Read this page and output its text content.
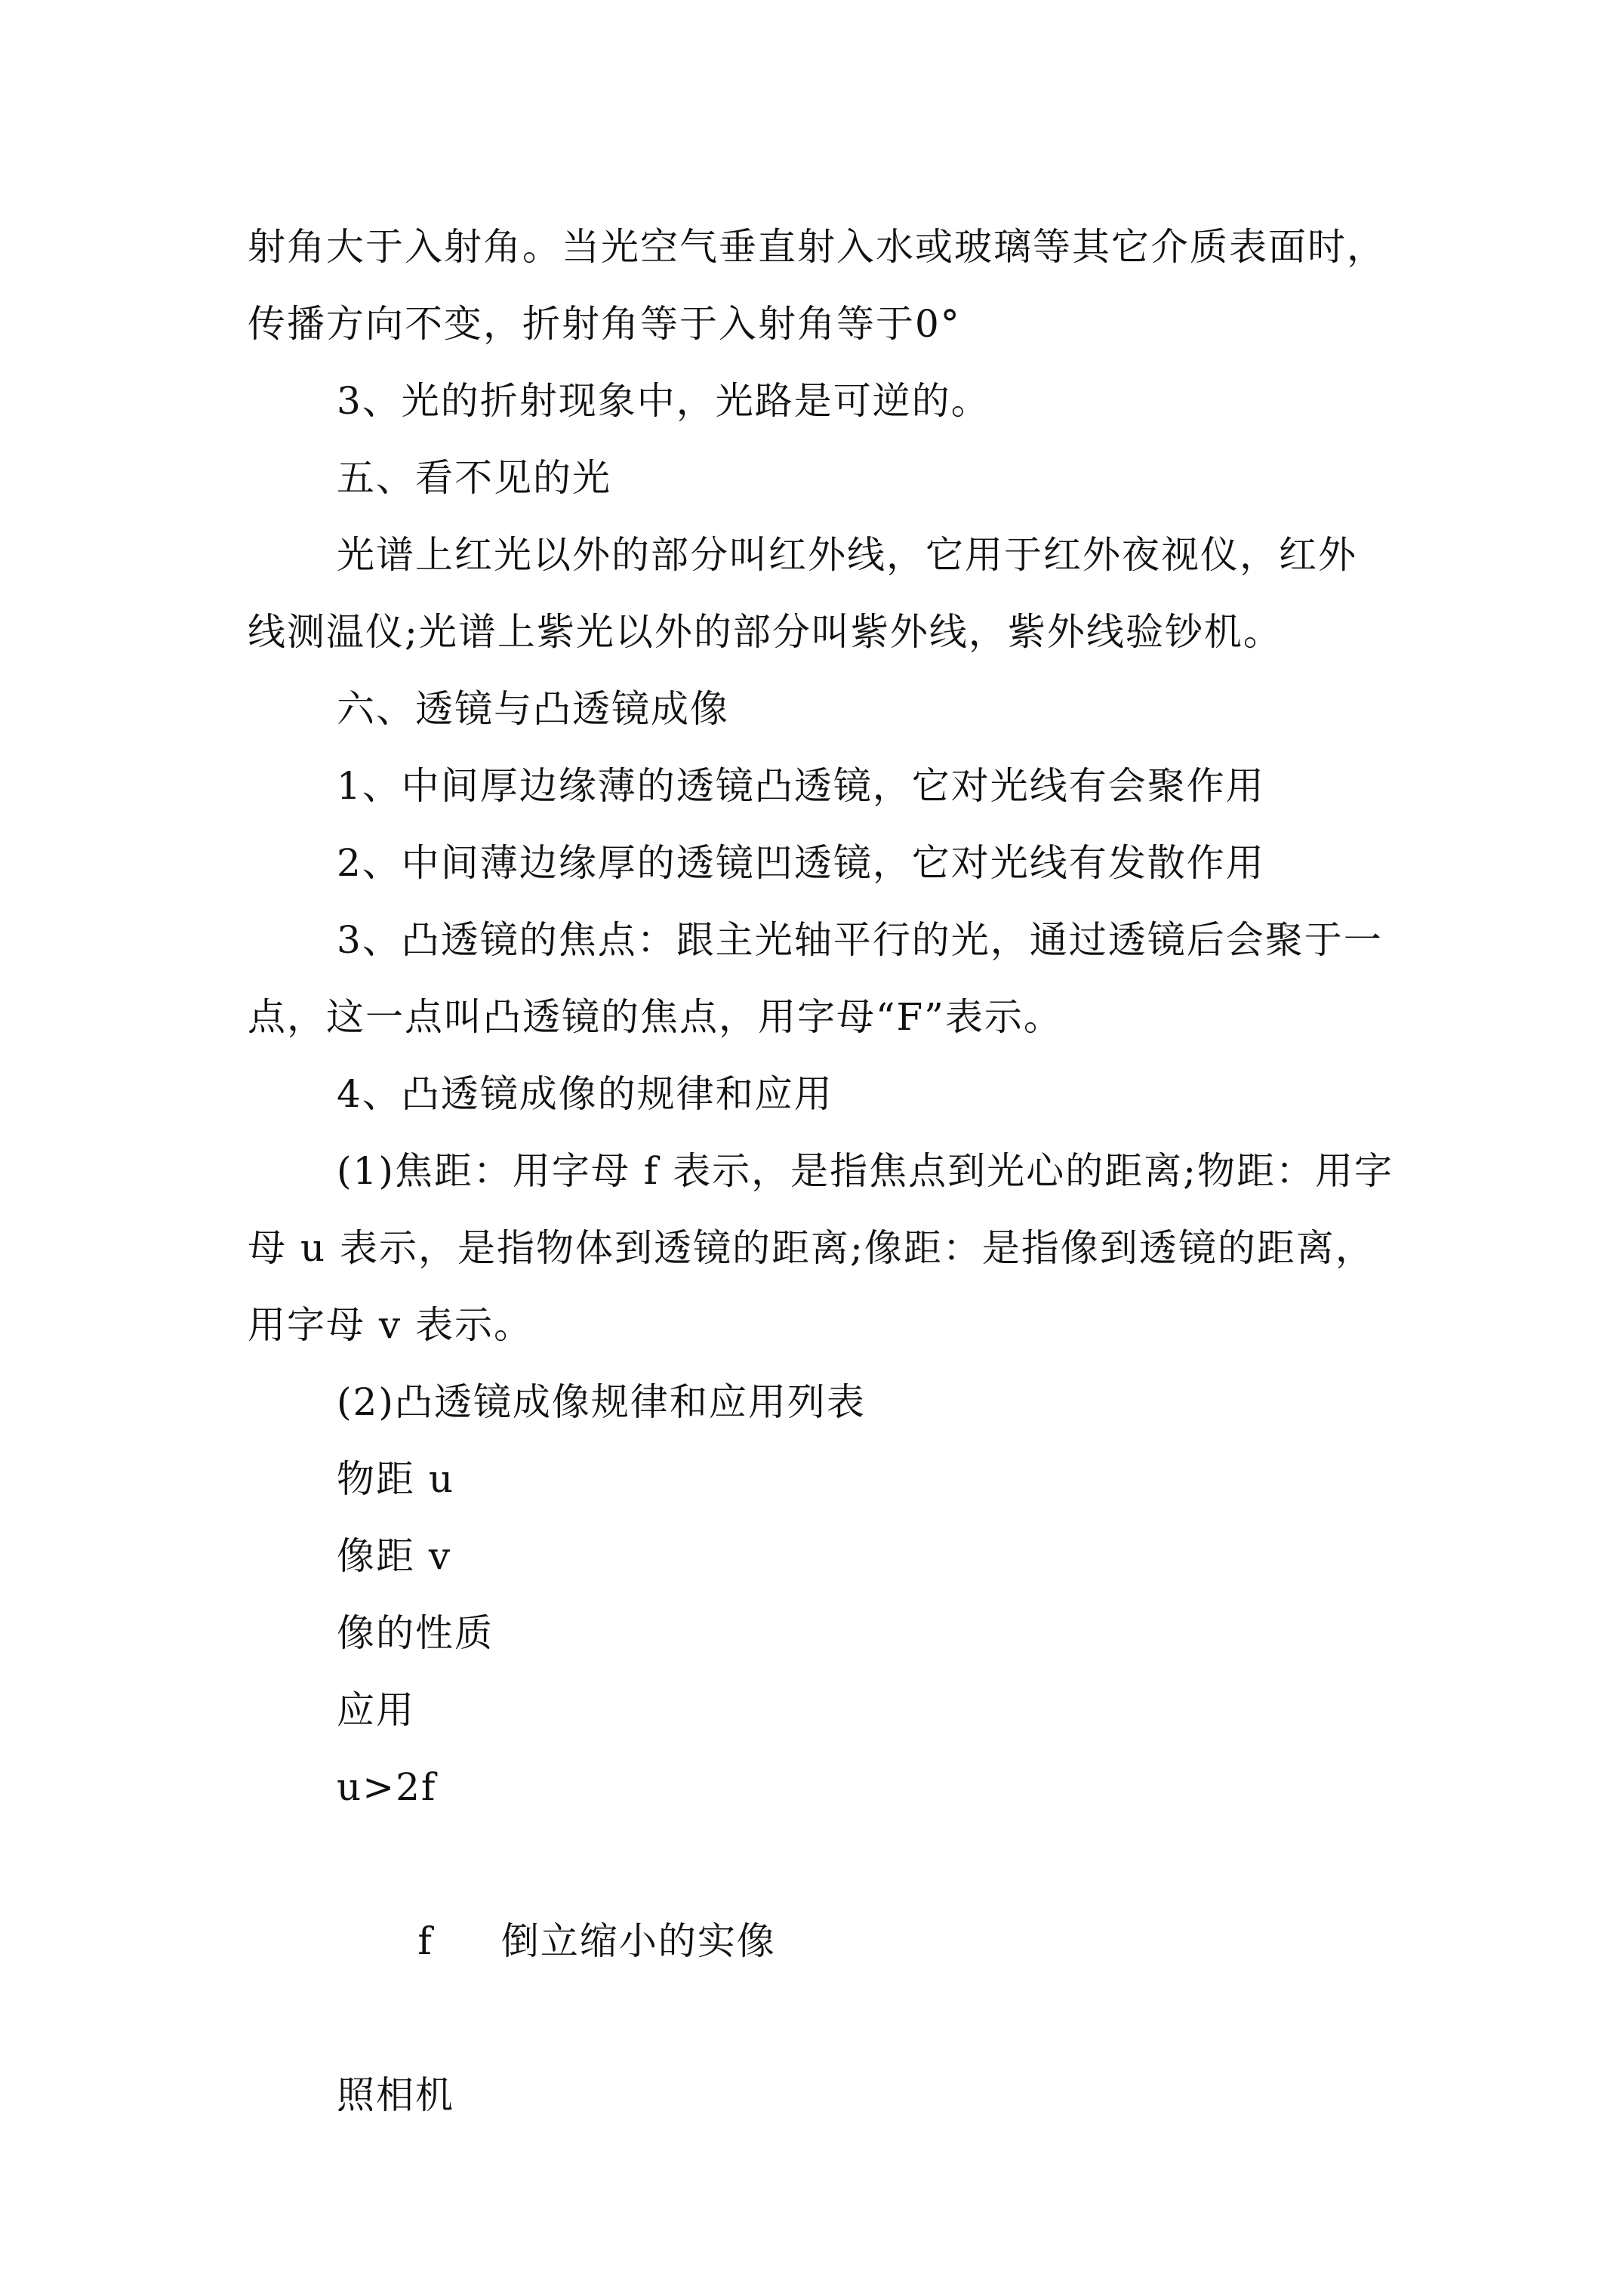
射角大于入射角。当光空气垂直射入水或玻璃等其它介质表面时，传播方向不变，折射角等于入射角等于0°

3、光的折射现象中，光路是可逆的。

五、看不见的光

光谱上红光以外的部分叫红外线，它用于红外夜视仪，红外线测温仪;光谱上紫光以外的部分叫紫外线，紫外线验钞机。

六、透镜与凸透镜成像

1、中间厚边缘薄的透镜凸透镜，它对光线有会聚作用

2、中间薄边缘厚的透镜凹透镜，它对光线有发散作用

3、凸透镜的焦点：跟主光轴平行的光，通过透镜后会聚于一点，这一点叫凸透镜的焦点，用字母“F”表示。

4、凸透镜成像的规律和应用

(1)焦距：用字母 f 表示，是指焦点到光心的距离;物距：用字母 u 表示，是指物体到透镜的距离;像距：是指像到透镜的距离，用字母 v 表示。

(2)凸透镜成像规律和应用列表

物距 u

像距 v

像的性质

应用

u>2f

f 倒立缩小的实像

照相机
